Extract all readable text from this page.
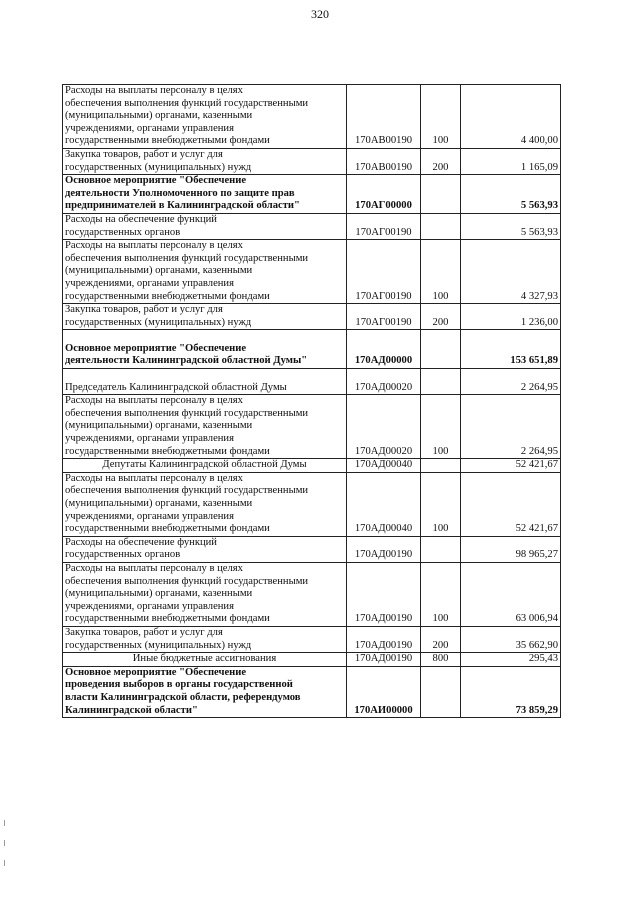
320
Расходы на выплаты персоналу в целях
обеспечения выполнения функций государственными
(муниципальными) органами, казенными
учреждениями, органами управления
государственными внебюджетными фондами	170АВ00190	100	4 400,00
Закупка товаров, работ и услуг для
государственных (муниципальных) нужд	170АВ00190	200	1 165,09
Основное мероприятие "Обеспечение
деятельности Уполномоченного по защите прав
предпринимателей в Калининградской области"	170АГ00000		5 563,93
Расходы на обеспечение функций
государственных органов	170АГ00190		5 563,93
Расходы на выплаты персоналу в целях
обеспечения выполнения функций государственными
(муниципальными) органами, казенными
учреждениями, органами управления
государственными внебюджетными фондами	170АГ00190	100	4 327,93
Закупка товаров, работ и услуг для
государственных (муниципальных) нужд	170АГ00190	200	1 236,00

Основное мероприятие "Обеспечение
деятельности Калининградской областной Думы"	170АД00000		153 651,89

Председатель Калининградской областной Думы	170АД00020		2 264,95
Расходы на выплаты персоналу в целях
обеспечения выполнения функций государственными
(муниципальными) органами, казенными
учреждениями, органами управления
государственными внебюджетными фондами	170АД00020	100	2 264,95
Депутаты Калининградской областной Думы	170АД00040		52 421,67
Расходы на выплаты персоналу в целях
обеспечения выполнения функций государственными
(муниципальными) органами, казенными
учреждениями, органами управления
государственными внебюджетными фондами	170АД00040	100	52 421,67
Расходы на обеспечение функций
государственных органов	170АД00190		98 965,27
Расходы на выплаты персоналу в целях
обеспечения выполнения функций государственными
(муниципальными) органами, казенными
учреждениями, органами управления
государственными внебюджетными фондами	170АД00190	100	63 006,94
Закупка товаров, работ и услуг для
государственных (муниципальных) нужд	170АД00190	200	35 662,90
Иные бюджетные ассигнования	170АД00190	800	295,43
Основное мероприятие "Обеспечение
проведения выборов в органы государственной
власти Калининградской области, референдумов
Калининградской области"	170АИ00000		73 859,29
